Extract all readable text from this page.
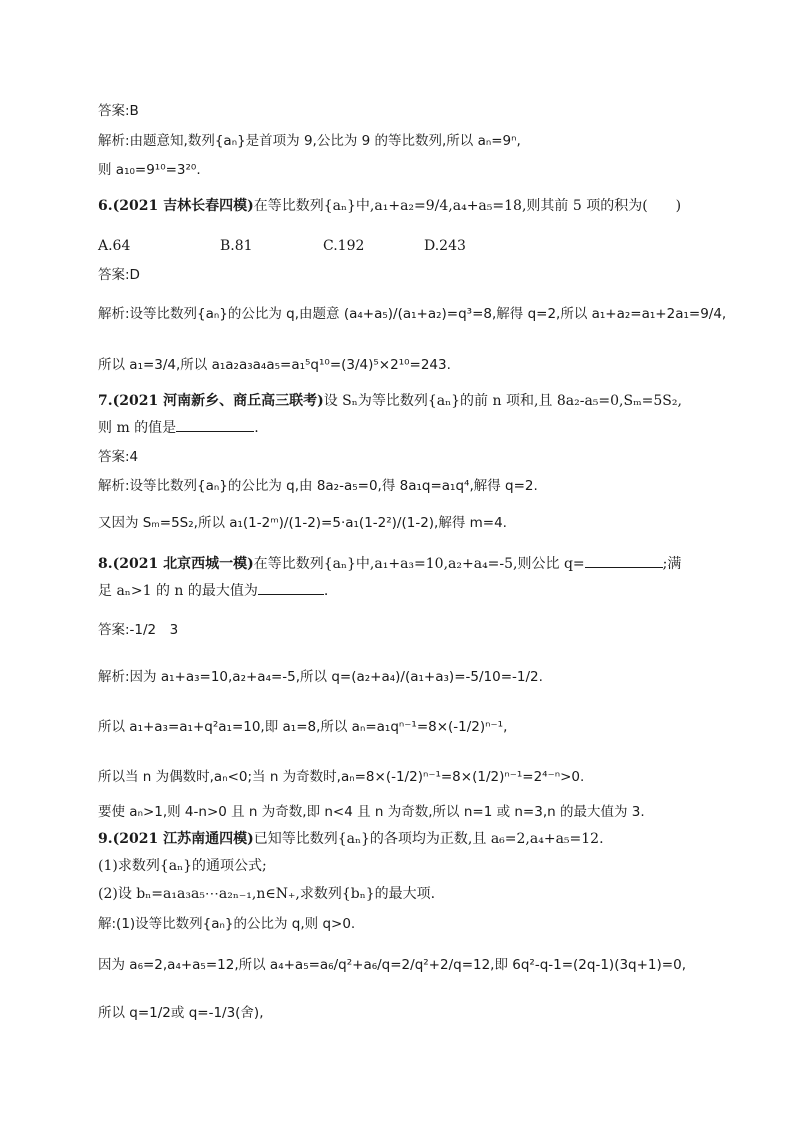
答案:B
解析:由题意知,数列{aₙ}是首项为 9,公比为 9 的等比数列,所以 aₙ=9ⁿ,
则 a₁₀=9¹⁰=3²⁰.
6.(2021 吉林长春四模)在等比数列{aₙ}中,a₁+a₂=9/4,a₄+a₅=18,则其前 5 项的积为(　　)
A.64	B.81	C.192	D.243
答案:D
解析:设等比数列{aₙ}的公比为 q,由题意 (a₄+a₅)/(a₁+a₂)=q³=8,解得 q=2,所以 a₁+a₂=a₁+2a₁=9/4,
所以 a₁=3/4,所以 a₁a₂a₃a₄a₅=a₁⁵q¹⁰=(3/4)⁵×2¹⁰=243.
7.(2021 河南新乡、商丘高三联考)设 Sₙ为等比数列{aₙ}的前 n 项和,且 8a₂-a₅=0,Sₘ=5S₂,
则 m 的值是	.
答案:4
解析:设等比数列{aₙ}的公比为 q,由 8a₂-a₅=0,得 8a₁q=a₁q⁴,解得 q=2.
又因为 Sₘ=5S₂,所以 a₁(1-2ᵐ)/(1-2)=5·a₁(1-2²)/(1-2),解得 m=4.
8.(2021 北京西城一模)在等比数列{aₙ}中,a₁+a₃=10,a₂+a₄=-5,则公比 q=	;满
足 aₙ>1 的 n 的最大值为	.
答案:-1/2　3
解析:因为 a₁+a₃=10,a₂+a₄=-5,所以 q=(a₂+a₄)/(a₁+a₃)=-5/10=-1/2.
所以 a₁+a₃=a₁+q²a₁=10,即 a₁=8,所以 aₙ=a₁qⁿ⁻¹=8×(-1/2)ⁿ⁻¹,
所以当 n 为偶数时,aₙ<0;当 n 为奇数时,aₙ=8×(-1/2)ⁿ⁻¹=8×(1/2)ⁿ⁻¹=2⁴⁻ⁿ>0.
要使 aₙ>1,则 4-n>0 且 n 为奇数,即 n<4 且 n 为奇数,所以 n=1 或 n=3,n 的最大值为 3.
9.(2021 江苏南通四模)已知等比数列{aₙ}的各项均为正数,且 a₆=2,a₄+a₅=12.
(1)求数列{aₙ}的通项公式;
(2)设 bₙ=a₁a₃a₅⋯a₂ₙ₋₁,n∈N₊,求数列{bₙ}的最大项.
解:(1)设等比数列{aₙ}的公比为 q,则 q>0.
因为 a₆=2,a₄+a₅=12,所以 a₄+a₅=a₆/q²+a₆/q=2/q²+2/q=12,即 6q²-q-1=(2q-1)(3q+1)=0,
所以 q=1/2或 q=-1/3(舍),
